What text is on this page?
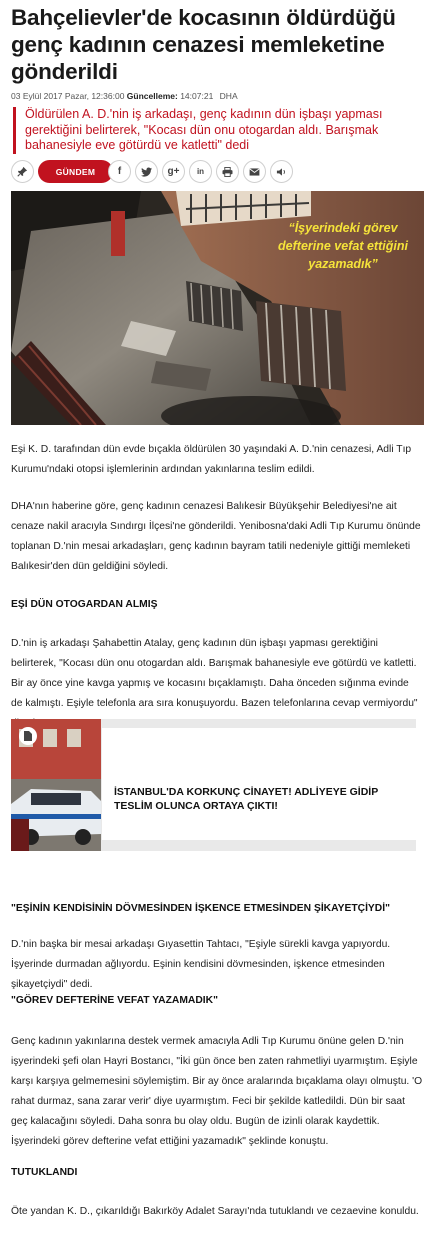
Bahçelievler'de kocasının öldürdüğü genç kadının cenazesi memleketine gönderildi
03 Eylül 2017 Pazar, 12:36:00 Güncelleme: 14:07:21 DHA

Öldürülen A. D.'nin iş arkadaşı, genç kadının dün işbaşı yapması gerektiğini belirterek, "Kocası dün onu otogardan aldı. Barışmak bahanesiyle eve götürdü ve katletti" dedi

GÜNDEM	f	g+ in
“İşyerindeki görev defterine vefat ettiğini yazamadık”

Eşi K. D. tarafından dün evde bıçakla öldürülen 30 yaşındaki A. D.'nin cenazesi, Adli Tıp Kurumu'ndaki otopsi işlemlerinin ardından yakınlarına teslim edildi.

DHA'nın haberine göre, genç kadının cenazesi Balıkesir Büyükşehir Belediyesi'ne ait cenaze nakil aracıyla Sındırgı İlçesi'ne gönderildi. Yenibosna'daki Adli Tıp Kurumu önünde toplanan D.'nin mesai arkadaşları, genç kadının bayram tatili nedeniyle gittiği memleketi Balıkesir'den dün geldiğini söyledi.

EŞİ DÜN OTOGARDAN ALMIŞ

D.'nin iş arkadaşı Şahabettin Atalay, genç kadının dün işbaşı yapması gerektiğini belirterek, "Kocası dün onu otogardan aldı. Barışmak bahanesiyle eve götürdü ve katletti. Bir ay önce yine kavga yapmış ve kocasını bıçaklamıştı. Daha önceden sığınma evinde de kalmıştı. Eşiyle telefonla ara sıra konuşuyordu. Bazen telefonlarına cevap vermiyordu"

İSTANBUL'DA KORKUNÇ CİNAYET! ADLİYEYE GİDİP TESLİM OLUNCA ORTAYA ÇIKTI!
"EŞİNİN KENDİSİNİN DÖVMESİNDEN İŞKENCE ETMESİNDEN ŞİKAYETÇİYDİ"

D.'nin başka bir mesai arkadaşı Gıyasettin Tahtacı, "Eşiyle sürekli kavga yapıyordu. İşyerinde durmadan ağlıyordu. Eşinin kendisini dövmesinden, işkence etmesinden şikayetçiydi" dedi.

"GÖREV DEFTERİNE VEFAT YAZAMADIK"

Genç kadının yakınlarına destek vermek amacıyla Adli Tıp Kurumu önüne gelen D.'nin işyerindeki şefi olan Hayri Bostancı, "İki gün önce ben zaten rahmetliyi uyarmıştım. Eşiyle karşı karşıya gelmemesini söylemiştim. Bir ay önce aralarında bıçaklama olayı olmuştu. 'O rahat durmaz, sana zarar verir' diye uyarmıştım. Feci bir şekilde katledildi. Dün bir saat geç kalacağını söyledi. Daha sonra bu olay oldu. Bugün de izinli olarak kaydettik. İşyerindeki görev defterine vefat ettiğini yazamadık" şeklinde konuştu.

TUTUKLANDI

Öte yandan K. D., çıkarıldığı Bakırköy Adalet Sarayı'nda tutuklandı ve cezaevine konuldu.
